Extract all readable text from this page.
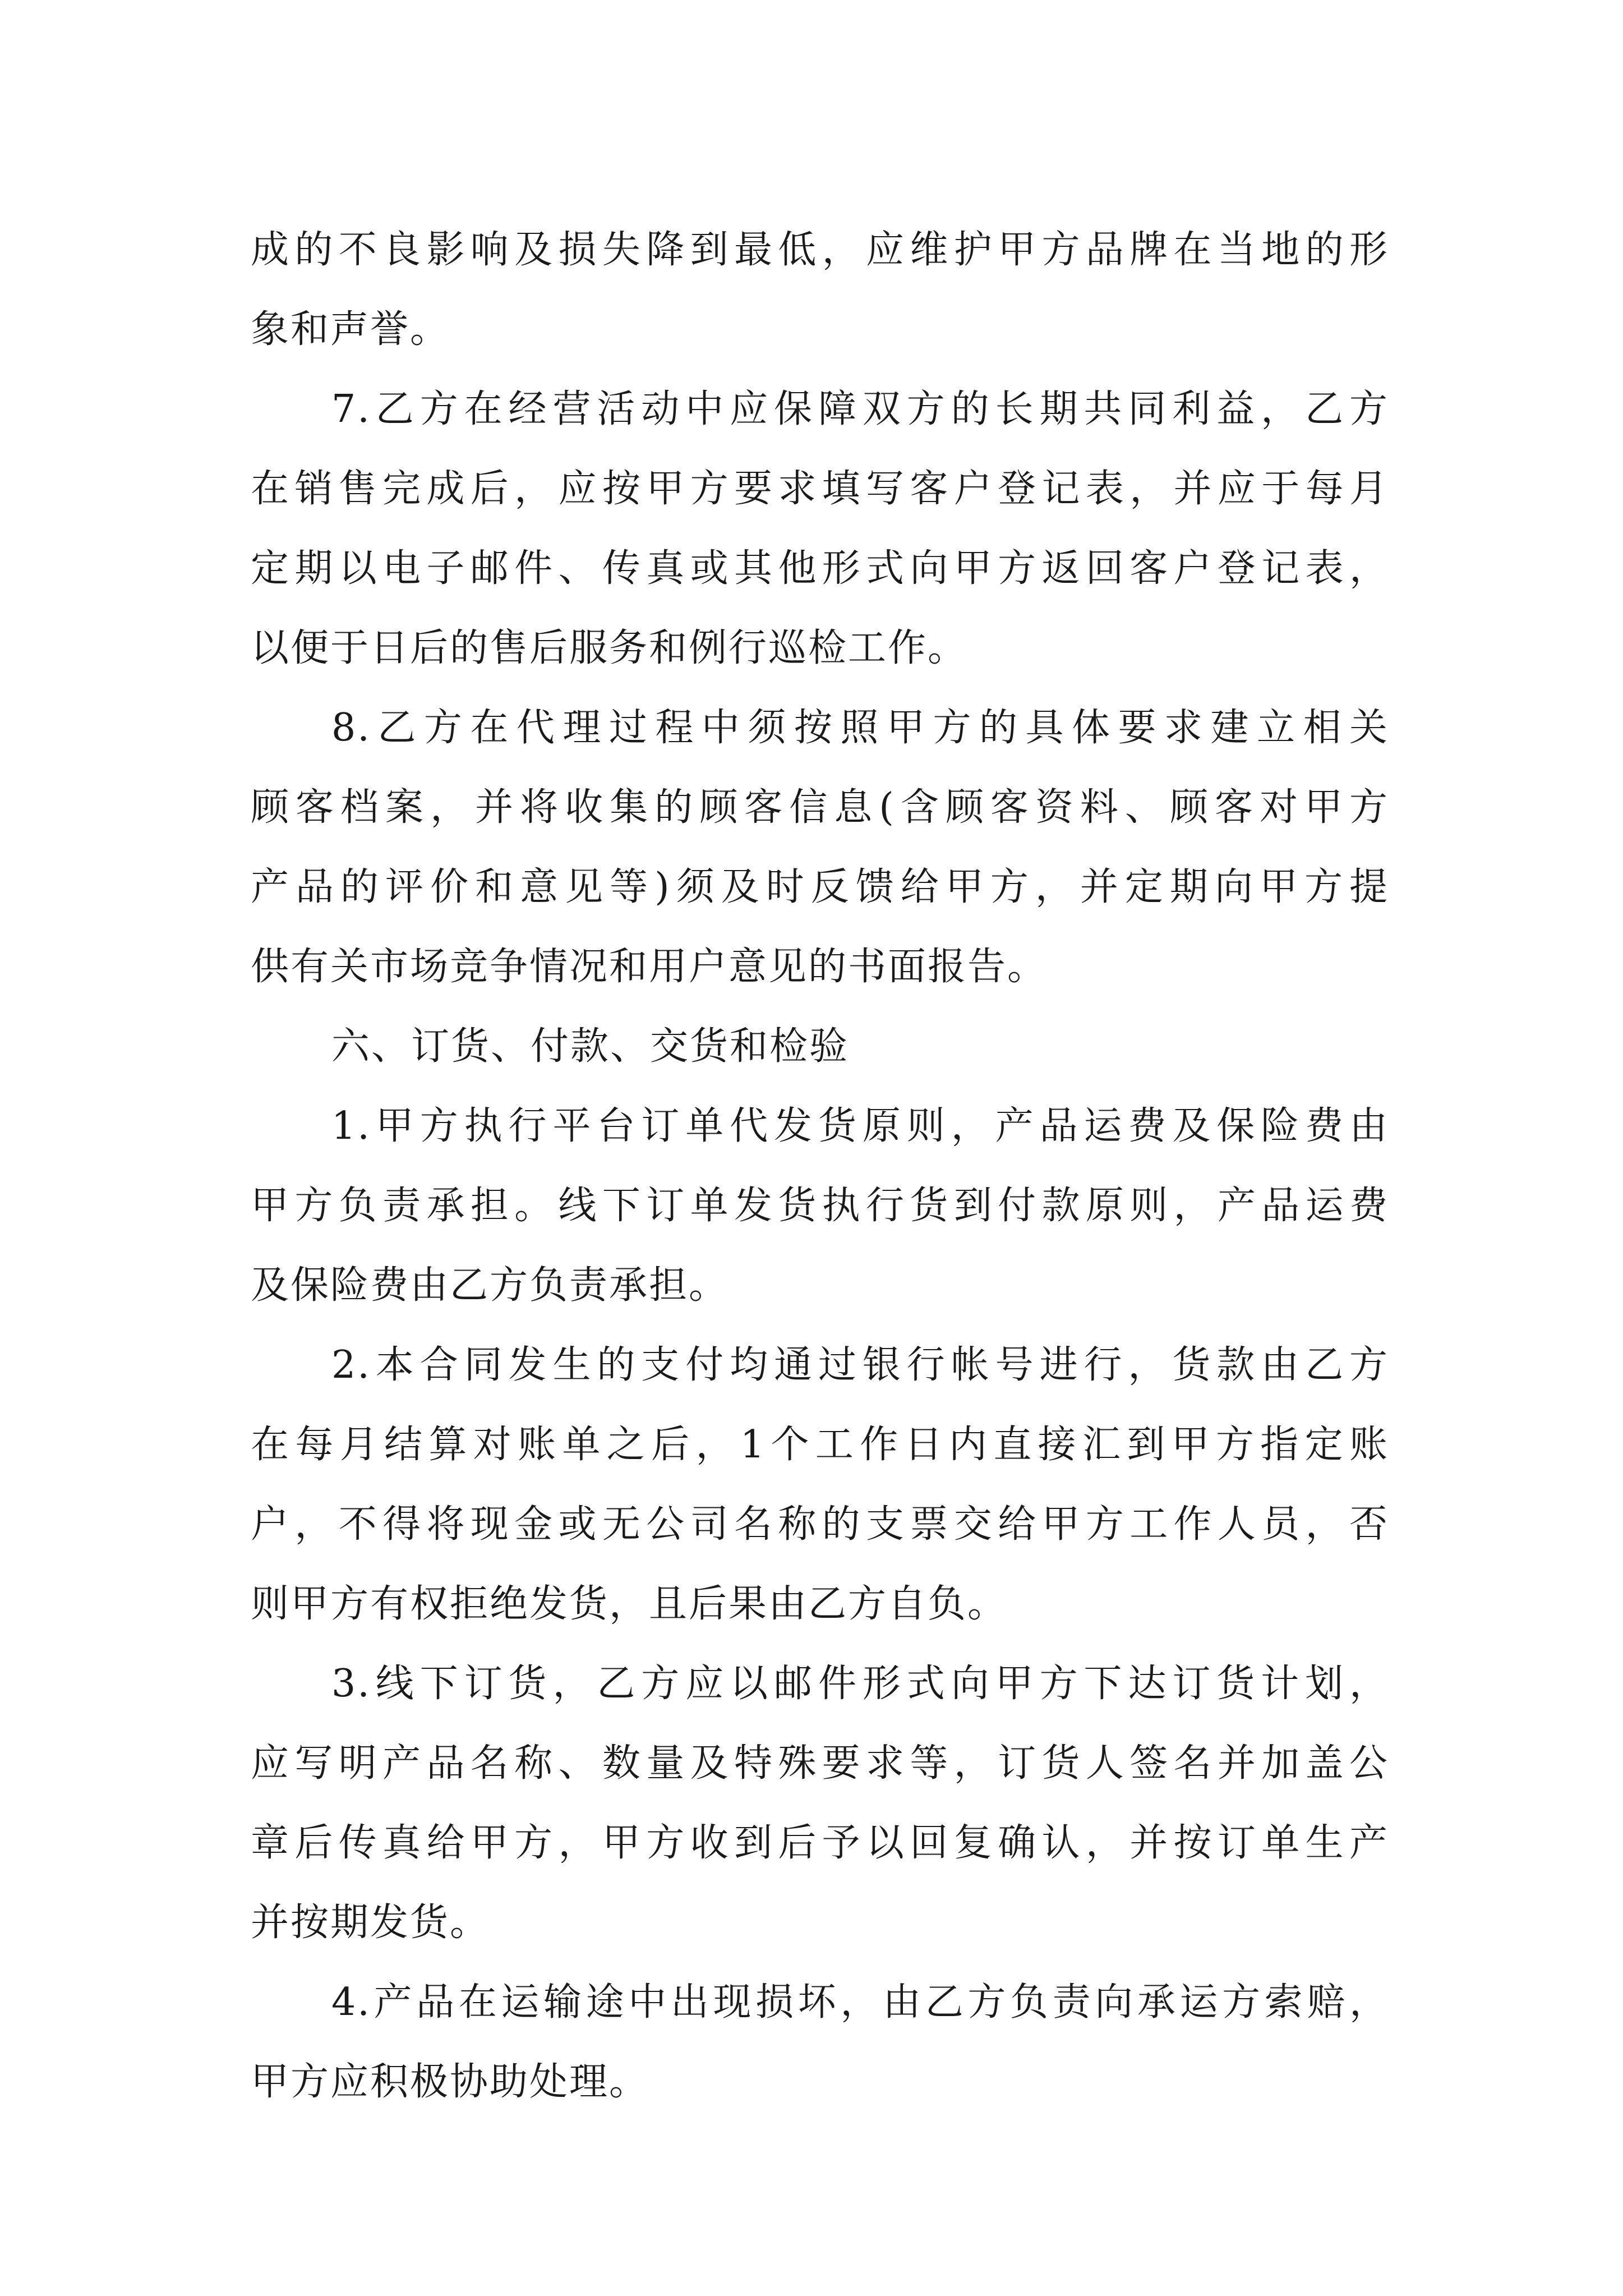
成的不良影响及损失降到最低，应维护甲方品牌在当地的形
象和声誉。
7.乙方在经营活动中应保障双方的长期共同利益，乙方
在销售完成后，应按甲方要求填写客户登记表，并应于每月
定期以电子邮件、传真或其他形式向甲方返回客户登记表，
以便于日后的售后服务和例行巡检工作。
8.乙方在代理过程中须按照甲方的具体要求建立相关
顾客档案，并将收集的顾客信息(含顾客资料、顾客对甲方
产品的评价和意见等)须及时反馈给甲方，并定期向甲方提
供有关市场竞争情况和用户意见的书面报告。
六、订货、付款、交货和检验
1.甲方执行平台订单代发货原则，产品运费及保险费由
甲方负责承担。线下订单发货执行货到付款原则，产品运费
及保险费由乙方负责承担。
2.本合同发生的支付均通过银行帐号进行，货款由乙方
在每月结算对账单之后，1个工作日内直接汇到甲方指定账
户，不得将现金或无公司名称的支票交给甲方工作人员，否
则甲方有权拒绝发货，且后果由乙方自负。
3.线下订货，乙方应以邮件形式向甲方下达订货计划，
应写明产品名称、数量及特殊要求等，订货人签名并加盖公
章后传真给甲方，甲方收到后予以回复确认，并按订单生产
并按期发货。
4.产品在运输途中出现损坏，由乙方负责向承运方索赔，
甲方应积极协助处理。
